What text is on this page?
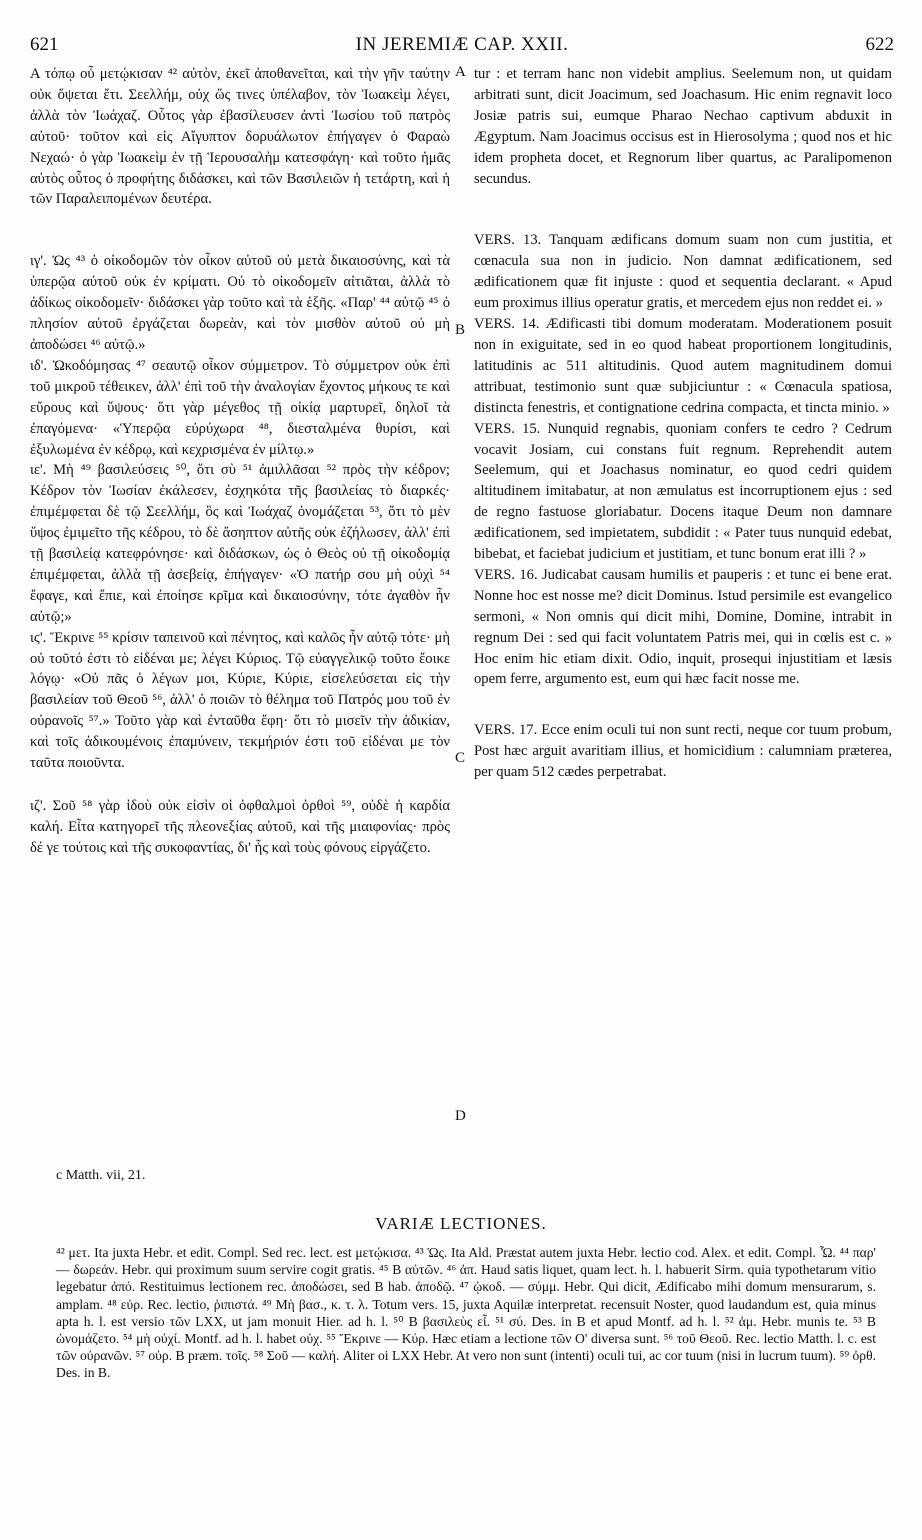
621	IN JEREMIÆ CAP. XXII.	622

A τόπῳ οὗ μετῴκισαν ⁴² αὐτὸν, ἐκεῖ ἀποθανεῖται, καὶ τὴν γῆν ταύτην οὐκ ὄψεται ἔτι. Σεελλήμ, οὐχ ὥς τινες ὑπέλαβον, τὸν Ἰωακεὶμ λέγει, ἀλλὰ τὸν Ἰωάχαζ. Οὗτος γὰρ ἐβασίλευσεν ἀντὶ Ἰωσίου τοῦ πατρὸς αὐτοῦ· τοῦτον καὶ εἰς Αἴγυπτον δορυάλωτον ἐπήγαγεν ὁ Φαραὼ Νεχαώ· ὁ γὰρ Ἰωακεὶμ ἐν τῇ Ἱερουσαλὴμ κατεσφάγη· καὶ τοῦτο ἡμᾶς αὐτὸς οὗτος ὁ προφήτης διδάσκει, καὶ τῶν Βασιλειῶν ἡ τετάρτη, καὶ ἡ τῶν Παραλειπομένων δευτέρα.

ιγ'. Ὡς ⁴³ ὁ οἰκοδομῶν τὸν οἶκον αὐτοῦ οὐ μετὰ δικαιοσύνης, καὶ τὰ ὑπερῷα αὐτοῦ οὐκ ἐν κρίματι. Οὐ τὸ οἰκοδομεῖν αἰτιᾶται, ἀλλὰ τὸ ἀδίκως οἰκοδομεῖν· διδάσκει γὰρ τοῦτο καὶ τὰ ἑξῆς. «Παρ' ⁴⁴ αὐτῷ ⁴⁵ ὁ πλησίον αὐτοῦ ἐργάζεται δωρεὰν, καὶ τὸν μισθὸν αὐτοῦ οὐ μὴ ἀποδώσει ⁴⁶ αὐτῷ.»

ιδ'. Ὠκοδόμησας ⁴⁷ σεαυτῷ οἶκον σύμμετρον. Τὸ σύμμετρον οὐκ ἐπὶ τοῦ μικροῦ τέθεικεν, ἀλλ' ἐπὶ τοῦ τὴν ἀναλογίαν ἔχοντος μήκους τε καὶ εὔρους καὶ ὕψους· ὅτι γὰρ μέγεθος τῇ οἰκίᾳ μαρτυρεῖ, δηλοῖ τὰ ἐπαγόμενα· «Ὑπερῷα εὐρύχωρα ⁴⁸, διεσταλμένα θυρίσι, καὶ ἐξυλωμένα ἐν κέδρῳ, καὶ κεχρισμένα ἐν μίλτῳ.»

ιε'. Μὴ ⁴⁹ βασιλεύσεις ⁵⁰, ὅτι σὺ ⁵¹ ἀμιλλᾶσαι ⁵² πρὸς τὴν κέδρον; Κέδρον τὸν Ἰωσίαν ἐκάλεσεν, ἐσχηκότα τῆς βασιλείας τὸ διαρκές· ἐπιμέμφεται δὲ τῷ Σεελλήμ, ὃς καὶ Ἰωάχαζ ὀνομάζεται ⁵³, ὅτι τὸ μὲν ὕψος ἐμιμεῖτο τῆς κέδρου, τὸ δὲ ἄσηπτον αὐτῆς οὐκ ἐζήλωσεν, ἀλλ' ἐπὶ τῇ βασιλείᾳ κατεφρόνησε· καὶ διδάσκων, ὡς ὁ Θεὸς οὐ τῇ οἰκοδομίᾳ ἐπιμέμφεται, ἀλλὰ τῇ ἀσεβείᾳ, ἐπήγαγεν· «Ὁ πατήρ σου μὴ οὐχὶ ⁵⁴ ἔφαγε, καὶ ἔπιε, καὶ ἐποίησε κρῖμα καὶ δικαιοσύνην, τότε ἀγαθὸν ἦν αὐτῷ;»

ιϛ'. Ἔκρινε ⁵⁵ κρίσιν ταπεινοῦ καὶ πένητος, καὶ καλῶς ἦν αὐτῷ τότε· μὴ οὐ τοῦτό ἐστι τὸ εἰδέναι με; λέγει Κύριος. Τῷ εὐαγγελικῷ τοῦτο ἔοικε λόγῳ· «Οὐ πᾶς ὁ λέγων μοι, Κύριε, Κύριε, εἰσελεύσεται εἰς τὴν βασιλείαν τοῦ Θεοῦ ⁵⁶, ἀλλ' ὁ ποιῶν τὸ θέλημα τοῦ Πατρός μου τοῦ ἐν οὐρανοῖς ⁵⁷.» Τοῦτο γὰρ καὶ ἐνταῦθα ἔφη· ὅτι τὸ μισεῖν τὴν ἀδικίαν, καὶ τοῖς ἀδικουμένοις ἐπαμύνειν, τεκμήριόν ἐστι τοῦ εἰδέναι με τὸν ταῦτα ποιοῦντα.

ιζ'. Σοῦ ⁵⁸ γὰρ ἰδοὺ οὐκ εἰσὶν οἱ ὀφθαλμοὶ ὀρθοὶ ⁵⁹, οὐδὲ ἡ καρδία καλή. Εἶτα κατηγορεῖ τῆς πλεονεξίας αὐτοῦ, καὶ τῆς μιαιφονίας· πρὸς δέ γε τούτοις καὶ τῆς συκοφαντίας, δι' ἧς καὶ τοὺς φόνους εἰργάζετο.

tur : et terram hanc non videbit amplius. Seelemum non, ut quidam arbitrati sunt, dicit Joacimum, sed Joachasum. Hic enim regnavit loco Josiæ patris sui, eumque Pharao Nechao captivum abduxit in Ægyptum. Nam Joacimus occisus est in Hierosolyma ; quod nos et hic idem propheta docet, et Regnorum liber quartus, ac Paralipomenon secundus.

VERS. 13. Tanquam ædificans domum suam non cum justitia, et cœnacula sua non in judicio. Non damnat ædificationem, sed ædificationem quæ fit injuste : quod et sequentia declarant. « Apud eum proximus illius operatur gratis, et mercedem ejus non reddet ei. »

VERS. 14. Ædificasti tibi domum moderatam. Moderationem posuit non in exiguitate, sed in eo quod habeat proportionem longitudinis, latitudinis ac 511 altitudinis. Quod autem magnitudinem domui attribuat, testimonio sunt quæ subjiciuntur : « Cœnacula spatiosa, distincta fenestris, et contignatione cedrina compacta, et tincta minio. »

VERS. 15. Nunquid regnabis, quoniam confers te cedro ? Cedrum vocavit Josiam, cui constans fuit regnum. Reprehendit autem Seelemum, qui et Joachasus nominatur, eo quod cedri quidem altitudinem imitabatur, at non æmulatus est incorruptionem ejus : sed de regno fastuose gloriabatur. Docens itaque Deum non damnare ædificationem, sed impietatem, subdidit : « Pater tuus nunquid edebat, bibebat, et faciebat judicium et justitiam, et tunc bonum erat illi ? »

VERS. 16. Judicabat causam humilis et pauperis : et tunc ei bene erat. Nonne hoc est nosse me? dicit Dominus. Istud persimile est evangelico sermoni, « Non omnis qui dicit mihi, Domine, Domine, intrabit in regnum Dei : sed qui facit voluntatem Patris mei, qui in cœlis est c. » Hoc enim hic etiam dixit. Odio, inquit, prosequi injustitiam et læsis opem ferre, argumento est, eum qui hæc facit nosse me.

VERS. 17. Ecce enim oculi tui non sunt recti, neque cor tuum probum, Post hæc arguit avaritiam illius, et homicidium : calumniam præterea, per quam 512 cædes perpetrabat.

A
B
C
D
c Matth. vii, 21.
VARIÆ LECTIONES.
⁴² μετ. Ita juxta Hebr. et edit. Compl. Sed rec. lect. est μετῴκισα. ⁴³ Ὡς. Ita Ald. Præstat autem juxta Hebr. lectio cod. Alex. et edit. Compl. Ὦ. ⁴⁴ παρ' — δωρεάν. Hebr. qui proximum suum servire cogit gratis. ⁴⁵ B αὐτῶν. ⁴⁶ ἀπ. Haud satis liquet, quam lect. h. l. habuerit Sirm. quia typothetarum vitio legebatur ἀπό. Restituimus lectionem rec. ἀποδώσει, sed B hab. ἀποδῷ. ⁴⁷ ᾠκοδ. — σύμμ. Hebr. Qui dicit, Ædificabo mihi domum mensurarum, s. amplam. ⁴⁸ εὐρ. Rec. lectio, ῥιπιστά. ⁴⁹ Μὴ βασ., κ. τ. λ. Totum vers. 15, juxta Aquilæ interpretat. recensuit Noster, quod laudandum est, quia minus apta h. l. est versio τῶν LXX, ut jam monuit Hier. ad h. l. ⁵⁰ B βασιλεὺς εἶ. ⁵¹ σύ. Des. in B et apud Montf. ad h. l. ⁵² ἁμ. Hebr. munis te. ⁵³ B ὠνομάζετο. ⁵⁴ μὴ οὐχί. Montf. ad h. l. habet οὐχ. ⁵⁵ Ἔκρινε — Κύρ. Hæc etiam a lectione τῶν Ο' diversa sunt. ⁵⁶ τοῦ Θεοῦ. Rec. lectio Matth. l. c. est τῶν οὐρανῶν. ⁵⁷ οὐρ. B præm. τοῖς. ⁵⁸ Σοῦ — καλή. Aliter oi LXX Hebr. At vero non sunt (intenti) oculi tui, ac cor tuum (nisi in lucrum tuum). ⁵⁹ ὀρθ. Des. in B.
